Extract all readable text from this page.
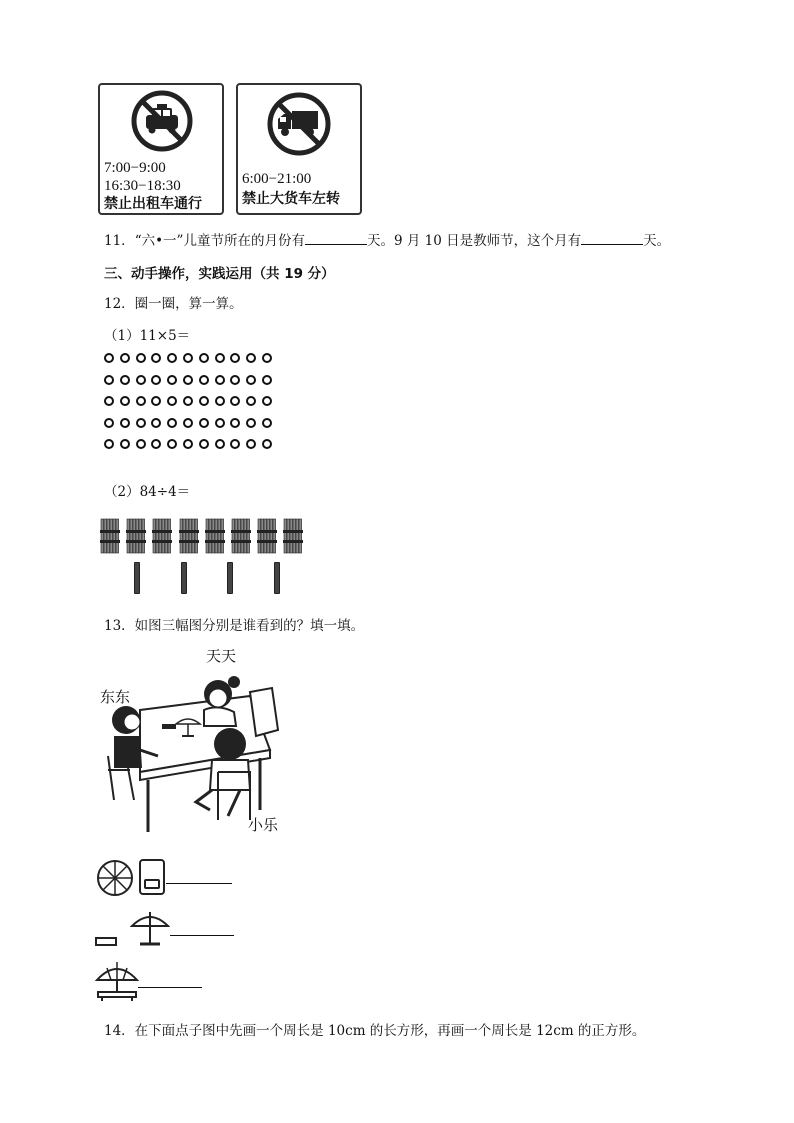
7:00−9:00
16:30−18:30
禁止出租车通行
6:00−21:00
禁止大货车左转
11．“六•一”儿童节所在的月份有	天。9 月 10 日是教师节，这个月有	天。
三、动手操作，实践运用（共 19 分）
12．圈一圈，算一算。
（1）11×5＝
（2）84÷4＝
13．如图三幅图分别是谁看到的？填一填。
天天
东东
小乐
14．在下面点子图中先画一个周长是 10cm 的长方形，再画一个周长是 12cm 的正方形。
